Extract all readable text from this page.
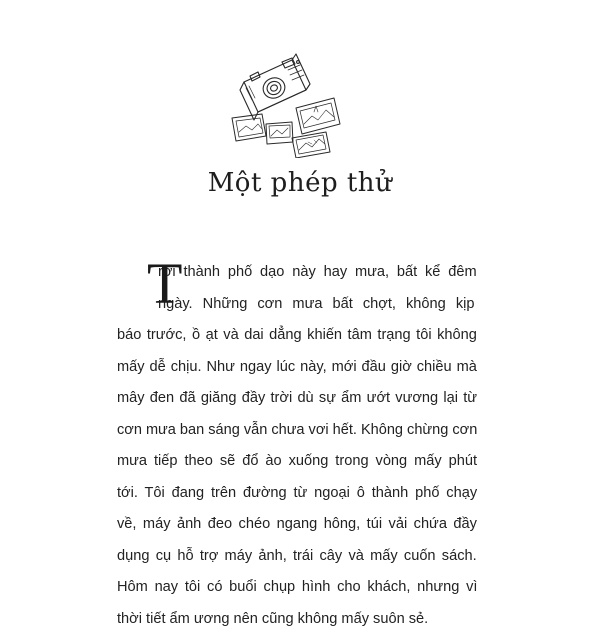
Một phép thử
T
rời thành phố dạo này hay mưa, bất kể đêm
ngày. Những cơn mưa bất chợt, không kịp
báo trước, ồ ạt và dai dẳng khiến tâm trạng tôi không
mấy dễ chịu. Như ngay lúc này, mới đầu giờ chiều mà
mây đen đã giăng đầy trời dù sự ẩm ướt vương lại từ
cơn mưa ban sáng vẫn chưa vơi hết. Không chừng cơn
mưa tiếp theo sẽ đổ ào xuống trong vòng mấy phút
tới. Tôi đang trên đường từ ngoại ô thành phố chạy
về, máy ảnh đeo chéo ngang hông, túi vải chứa đầy
dụng cụ hỗ trợ máy ảnh, trái cây và mấy cuốn sách.
Hôm nay tôi có buổi chụp hình cho khách, nhưng vì
thời tiết ẩm ương nên cũng không mấy suôn sẻ.
